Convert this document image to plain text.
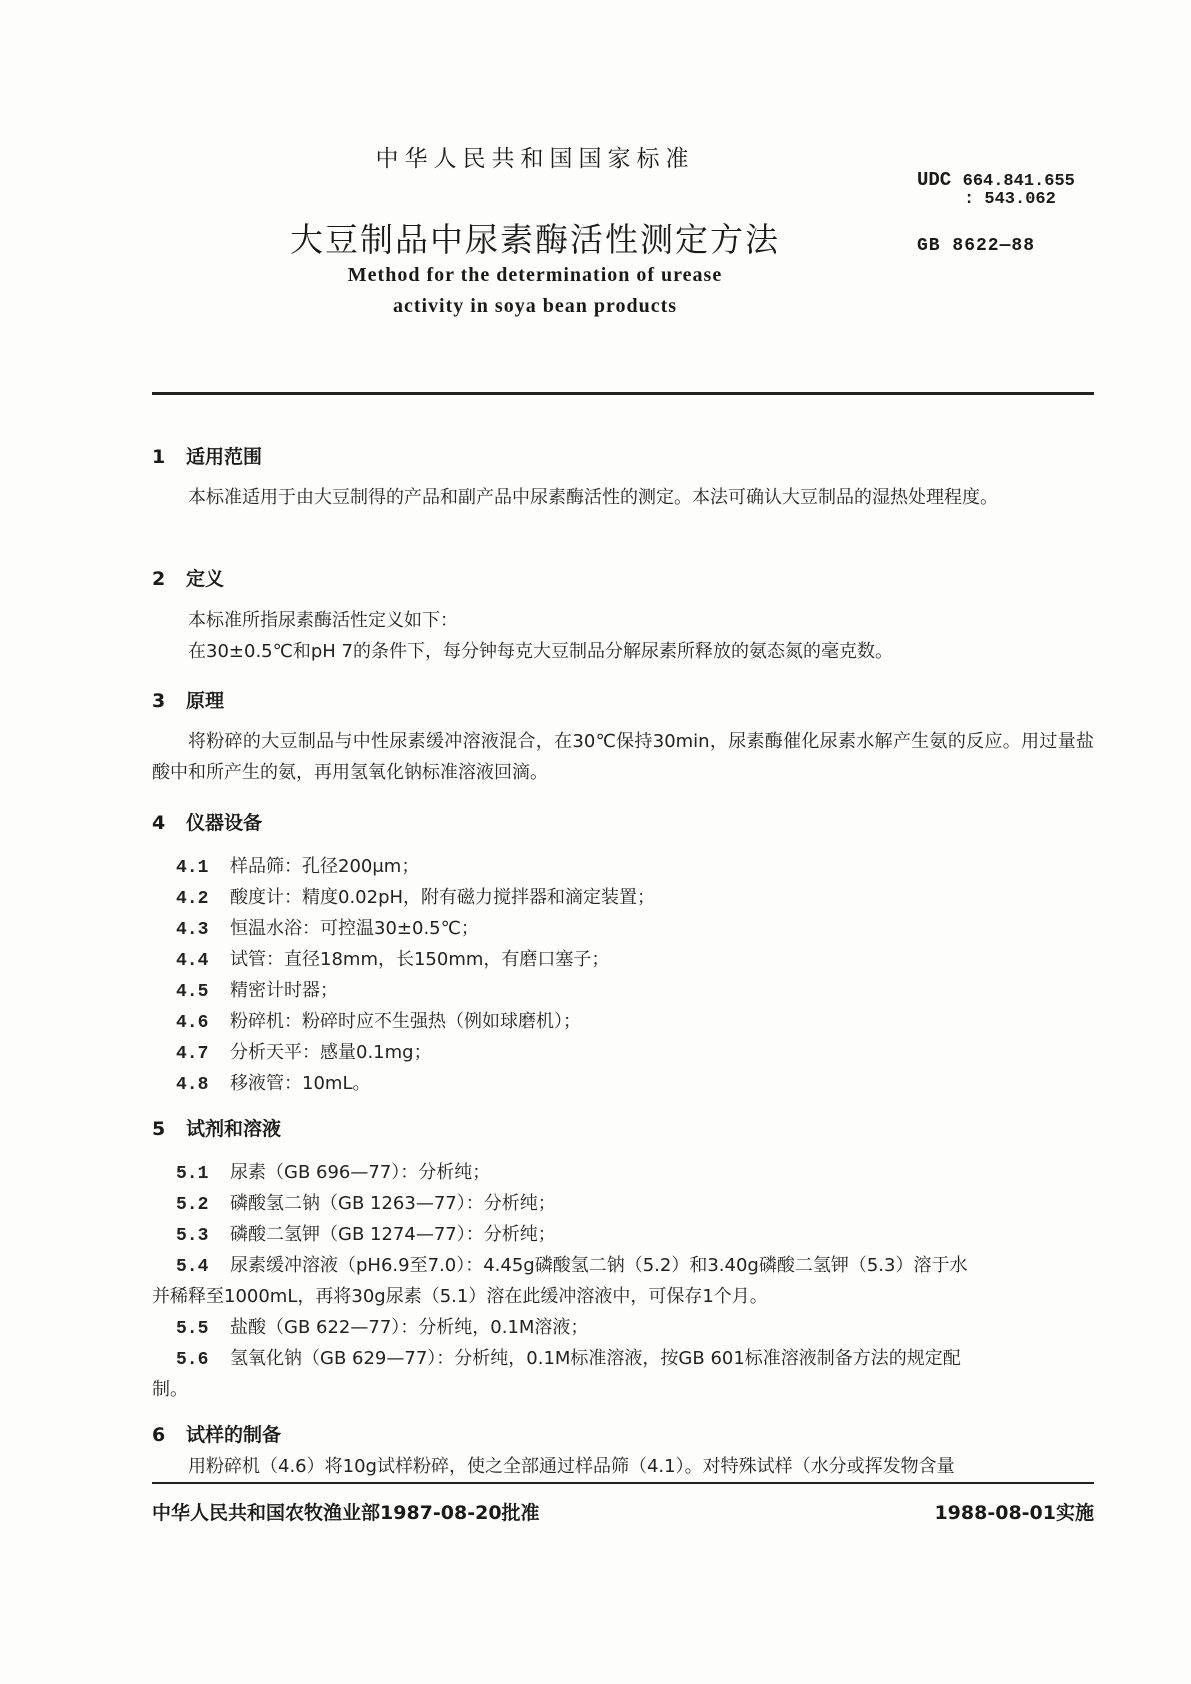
中华人民共和国国家标准
UDC 664.841.655
: 543.062
大豆制品中尿素酶活性测定方法	GB 8622—88
Method for the determination of urease
activity in soya bean products
1 适用范围
本标准适用于由大豆制得的产品和副产品中尿素酶活性的测定。本法可确认大豆制品的湿热处理程度。
2 定义
本标准所指尿素酶活性定义如下：
在30±0.5℃和pH 7的条件下，每分钟每克大豆制品分解尿素所释放的氨态氮的毫克数。
3 原理
将粉碎的大豆制品与中性尿素缓冲溶液混合，在30℃保持30min，尿素酶催化尿素水解产生氨的反应。用过量盐酸中和所产生的氨，再用氢氧化钠标准溶液回滴。
4 仪器设备
4.1 样品筛：孔径200μm；
4.2 酸度计：精度0.02pH，附有磁力搅拌器和滴定装置；
4.3 恒温水浴：可控温30±0.5℃；
4.4 试管：直径18mm，长150mm，有磨口塞子；
4.5 精密计时器；
4.6 粉碎机：粉碎时应不生强热（例如球磨机）；
4.7 分析天平：感量0.1mg；
4.8 移液管：10mL。
5 试剂和溶液
5.1 尿素（GB 696—77）：分析纯；
5.2 磷酸氢二钠（GB 1263—77）：分析纯；
5.3 磷酸二氢钾（GB 1274—77）：分析纯；
5.4 尿素缓冲溶液（pH6.9至7.0）：4.45g磷酸氢二钠（5.2）和3.40g磷酸二氢钾（5.3）溶于水
并稀释至1000mL，再将30g尿素（5.1）溶在此缓冲溶液中，可保存1个月。
5.5 盐酸（GB 622—77）：分析纯，0.1M溶液；
5.6 氢氧化钠（GB 629—77）：分析纯，0.1M标准溶液，按GB 601标准溶液制备方法的规定配
制。
6 试样的制备
用粉碎机（4.6）将10g试样粉碎，使之全部通过样品筛（4.1）。对特殊试样（水分或挥发物含量
中华人民共和国农牧渔业部1987-08-20批准	1988-08-01实施
